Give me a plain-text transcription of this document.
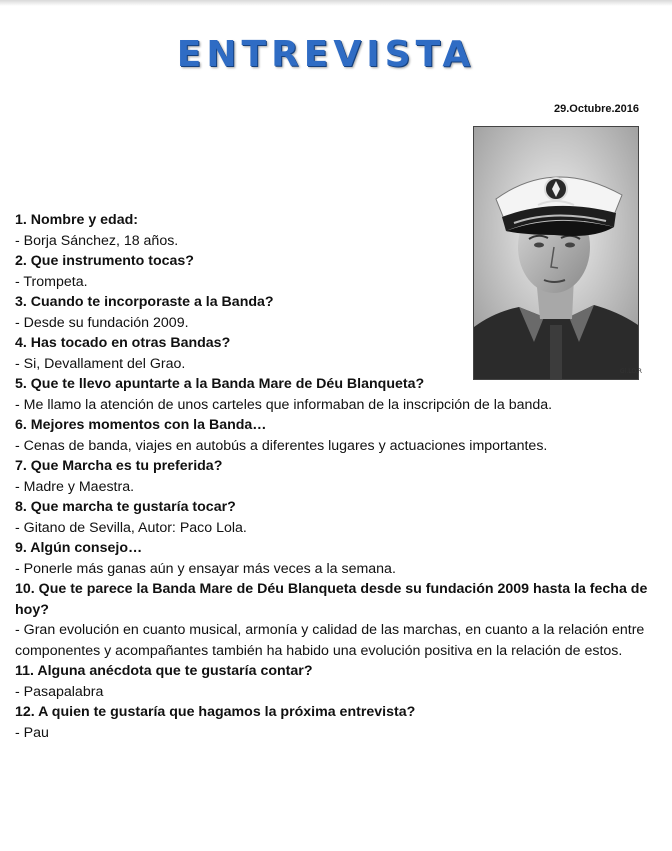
ENTREVISTA
29.Octubre.2016
Gi.LO.R

1. Nombre y edad:

- Borja Sánchez, 18 años.

2. Que instrumento tocas?

- Trompeta.

3. Cuando te incorporaste a la Banda?

- Desde su fundación 2009.

4. Has tocado en otras Bandas?

- Si, Devallament del Grao.

5. Que te llevo apuntarte a la Banda Mare de Déu Blanqueta?

- Me llamo la atención de unos carteles que informaban de la inscripción de la banda.

6. Mejores momentos con la Banda…

- Cenas de banda, viajes en autobús a diferentes lugares y actuaciones importantes.

7. Que Marcha es tu preferida?

- Madre y Maestra.

8. Que marcha te gustaría tocar?

- Gitano de Sevilla, Autor: Paco Lola.

9. Algún consejo…

- Ponerle más ganas aún y ensayar más veces a la semana.

10. Que te parece la Banda Mare de Déu Blanqueta desde su fundación 2009 hasta la fecha de hoy?

- Gran evolución en cuanto musical, armonía y calidad de las marchas, en cuanto a la relación entre componentes y acompañantes también ha habido una evolución positiva en la relación de estos.

11. Alguna anécdota que te gustaría contar?

- Pasapalabra

12. A quien te gustaría que hagamos la próxima entrevista?

- Pau
